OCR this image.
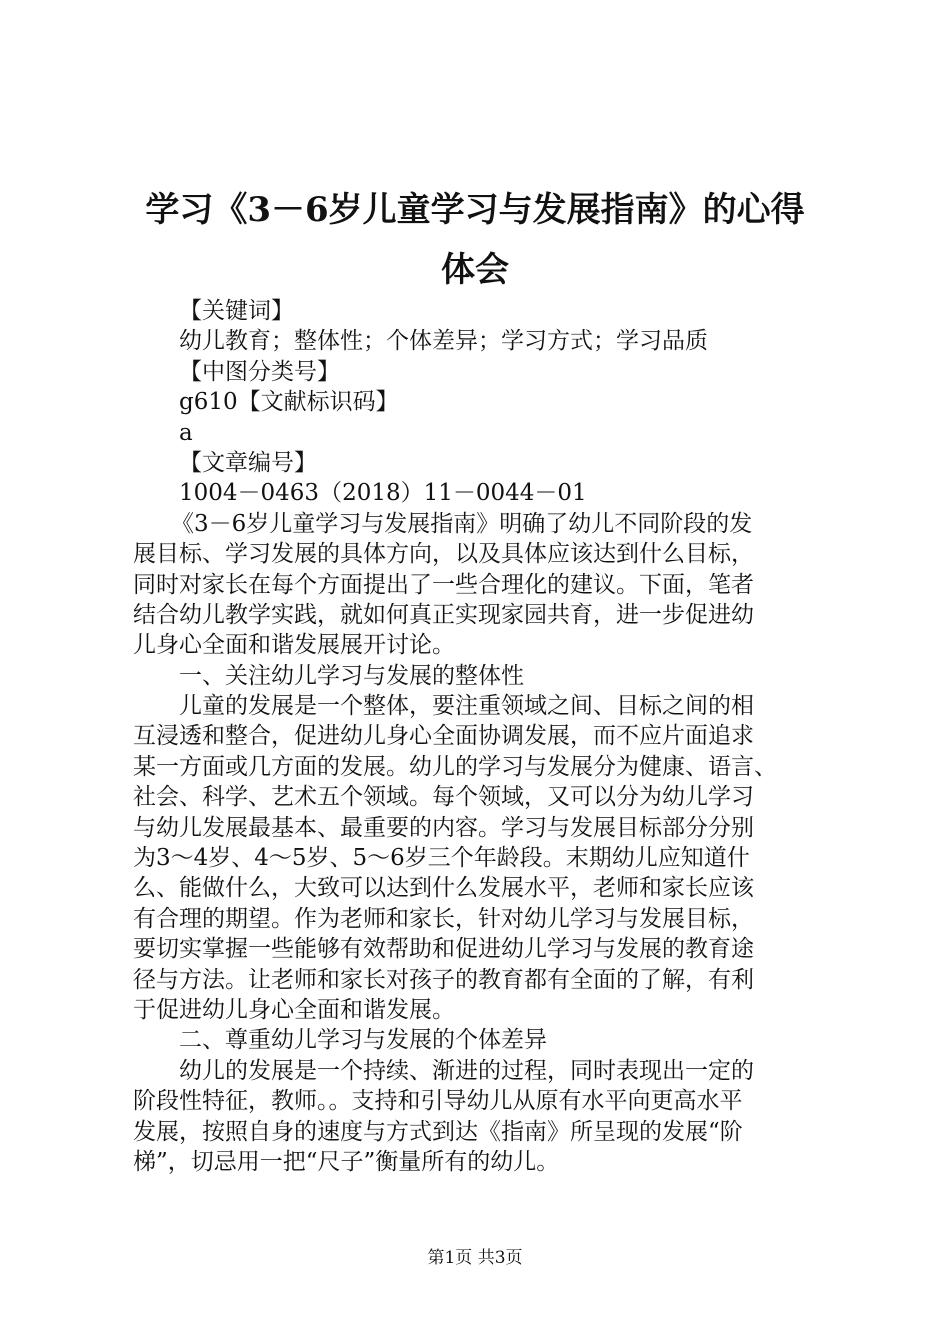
学习《3－6岁儿童学习与发展指南》的心得
体会
【关键词】
幼儿教育；整体性；个体差异；学习方式；学习品质
【中图分类号】
g610【文献标识码】
a
【文章编号】
1004－0463（2018）11－0044－01
《3－6岁儿童学习与发展指南》明确了幼儿不同阶段的发
展目标、学习发展的具体方向，以及具体应该达到什么目标，
同时对家长在每个方面提出了一些合理化的建议。下面，笔者
结合幼儿教学实践，就如何真正实现家园共育，进一步促进幼
儿身心全面和谐发展展开讨论。
一、关注幼儿学习与发展的整体性
儿童的发展是一个整体，要注重领域之间、目标之间的相
互浸透和整合，促进幼儿身心全面协调发展，而不应片面追求
某一方面或几方面的发展。幼儿的学习与发展分为健康、语言、
社会、科学、艺术五个领域。每个领域，又可以分为幼儿学习
与幼儿发展最基本、最重要的内容。学习与发展目标部分分别
为3～4岁、4～5岁、5～6岁三个年龄段。末期幼儿应知道什
么、能做什么，大致可以达到什么发展水平，老师和家长应该
有合理的期望。作为老师和家长，针对幼儿学习与发展目标，
要切实掌握一些能够有效帮助和促进幼儿学习与发展的教育途
径与方法。让老师和家长对孩子的教育都有全面的了解，有利
于促进幼儿身心全面和谐发展。
二、尊重幼儿学习与发展的个体差异
幼儿的发展是一个持续、渐进的过程，同时表现出一定的
阶段性特征，教师。。支持和引导幼儿从原有水平向更高水平
发展，按照自身的速度与方式到达《指南》所呈现的发展“阶
梯”，切忌用一把“尺子”衡量所有的幼儿。
第1页 共3页
